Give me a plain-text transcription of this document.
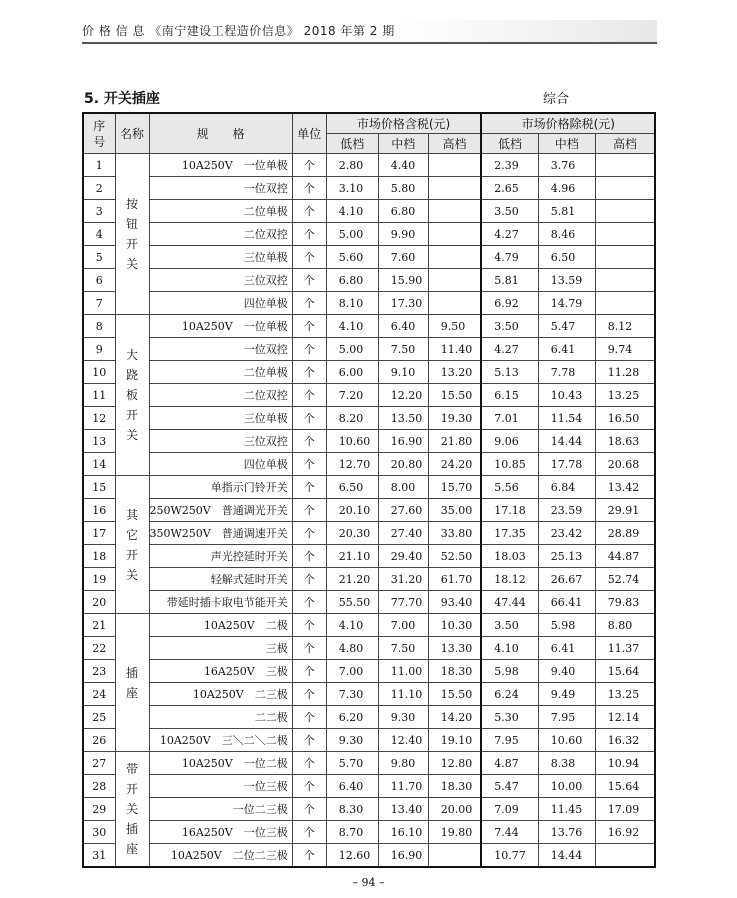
价 格 信 息 《南宁建设工程造价信息》 2018 年第 2 期
5. 开关插座	综合
序号	名称	规　　格	单位	市场价格含税(元)			市场价格除税(元)		
				低档	中档	高档	低档	中档	高档
1	按钮开关	10A250V　一位单极	个	2.80	4.40		2.39	3.76	
2		一位双控	个	3.10	5.80		2.65	4.96	
3		二位单极	个	4.10	6.80		3.50	5.81	
4		二位双控	个	5.00	9.90		4.27	8.46	
5		三位单极	个	5.60	7.60		4.79	6.50	
6		三位双控	个	6.80	15.90		5.81	13.59	
7		四位单极	个	8.10	17.30		6.92	14.79	
8	大跷板开关	10A250V　一位单极	个	4.10	6.40	9.50	3.50	5.47	8.12
9		一位双控	个	5.00	7.50	11.40	4.27	6.41	9.74
10		二位单极	个	6.00	9.10	13.20	5.13	7.78	11.28
11		二位双控	个	7.20	12.20	15.50	6.15	10.43	13.25
12		三位单极	个	8.20	13.50	19.30	7.01	11.54	16.50
13		三位双控	个	10.60	16.90	21.80	9.06	14.44	18.63
14		四位单极	个	12.70	20.80	24.20	10.85	17.78	20.68
15	其它开关	单指示门铃开关	个	6.50	8.00	15.70	5.56	6.84	13.42
16		250W250V　普通调光开关	个	20.10	27.60	35.00	17.18	23.59	29.91
17		350W250V　普通调速开关	个	20.30	27.40	33.80	17.35	23.42	28.89
18		声光控延时开关	个	21.10	29.40	52.50	18.03	25.13	44.87
19		轻解式延时开关	个	21.20	31.20	61.70	18.12	26.67	52.74
20		带延时插卡取电节能开关	个	55.50	77.70	93.40	47.44	66.41	79.83
21	插座	10A250V　二极	个	4.10	7.00	10.30	3.50	5.98	8.80
22		三极	个	4.80	7.50	13.30	4.10	6.41	11.37
23		16A250V　三极	个	7.00	11.00	18.30	5.98	9.40	15.64
24		10A250V　二三极	个	7.30	11.10	15.50	6.24	9.49	13.25
25		二二极	个	6.20	9.30	14.20	5.30	7.95	12.14
26		10A250V　三＼二＼二极	个	9.30	12.40	19.10	7.95	10.60	16.32
27	带开关插座	10A250V　一位二极	个	5.70	9.80	12.80	4.87	8.38	10.94
28		一位三极	个	6.40	11.70	18.30	5.47	10.00	15.64
29		一位二三极	个	8.30	13.40	20.00	7.09	11.45	17.09
30		16A250V　一位三极	个	8.70	16.10	19.80	7.44	13.76	16.92
31		10A250V　二位二三极	个	12.60	16.90		10.77	14.44	
– 94 –
